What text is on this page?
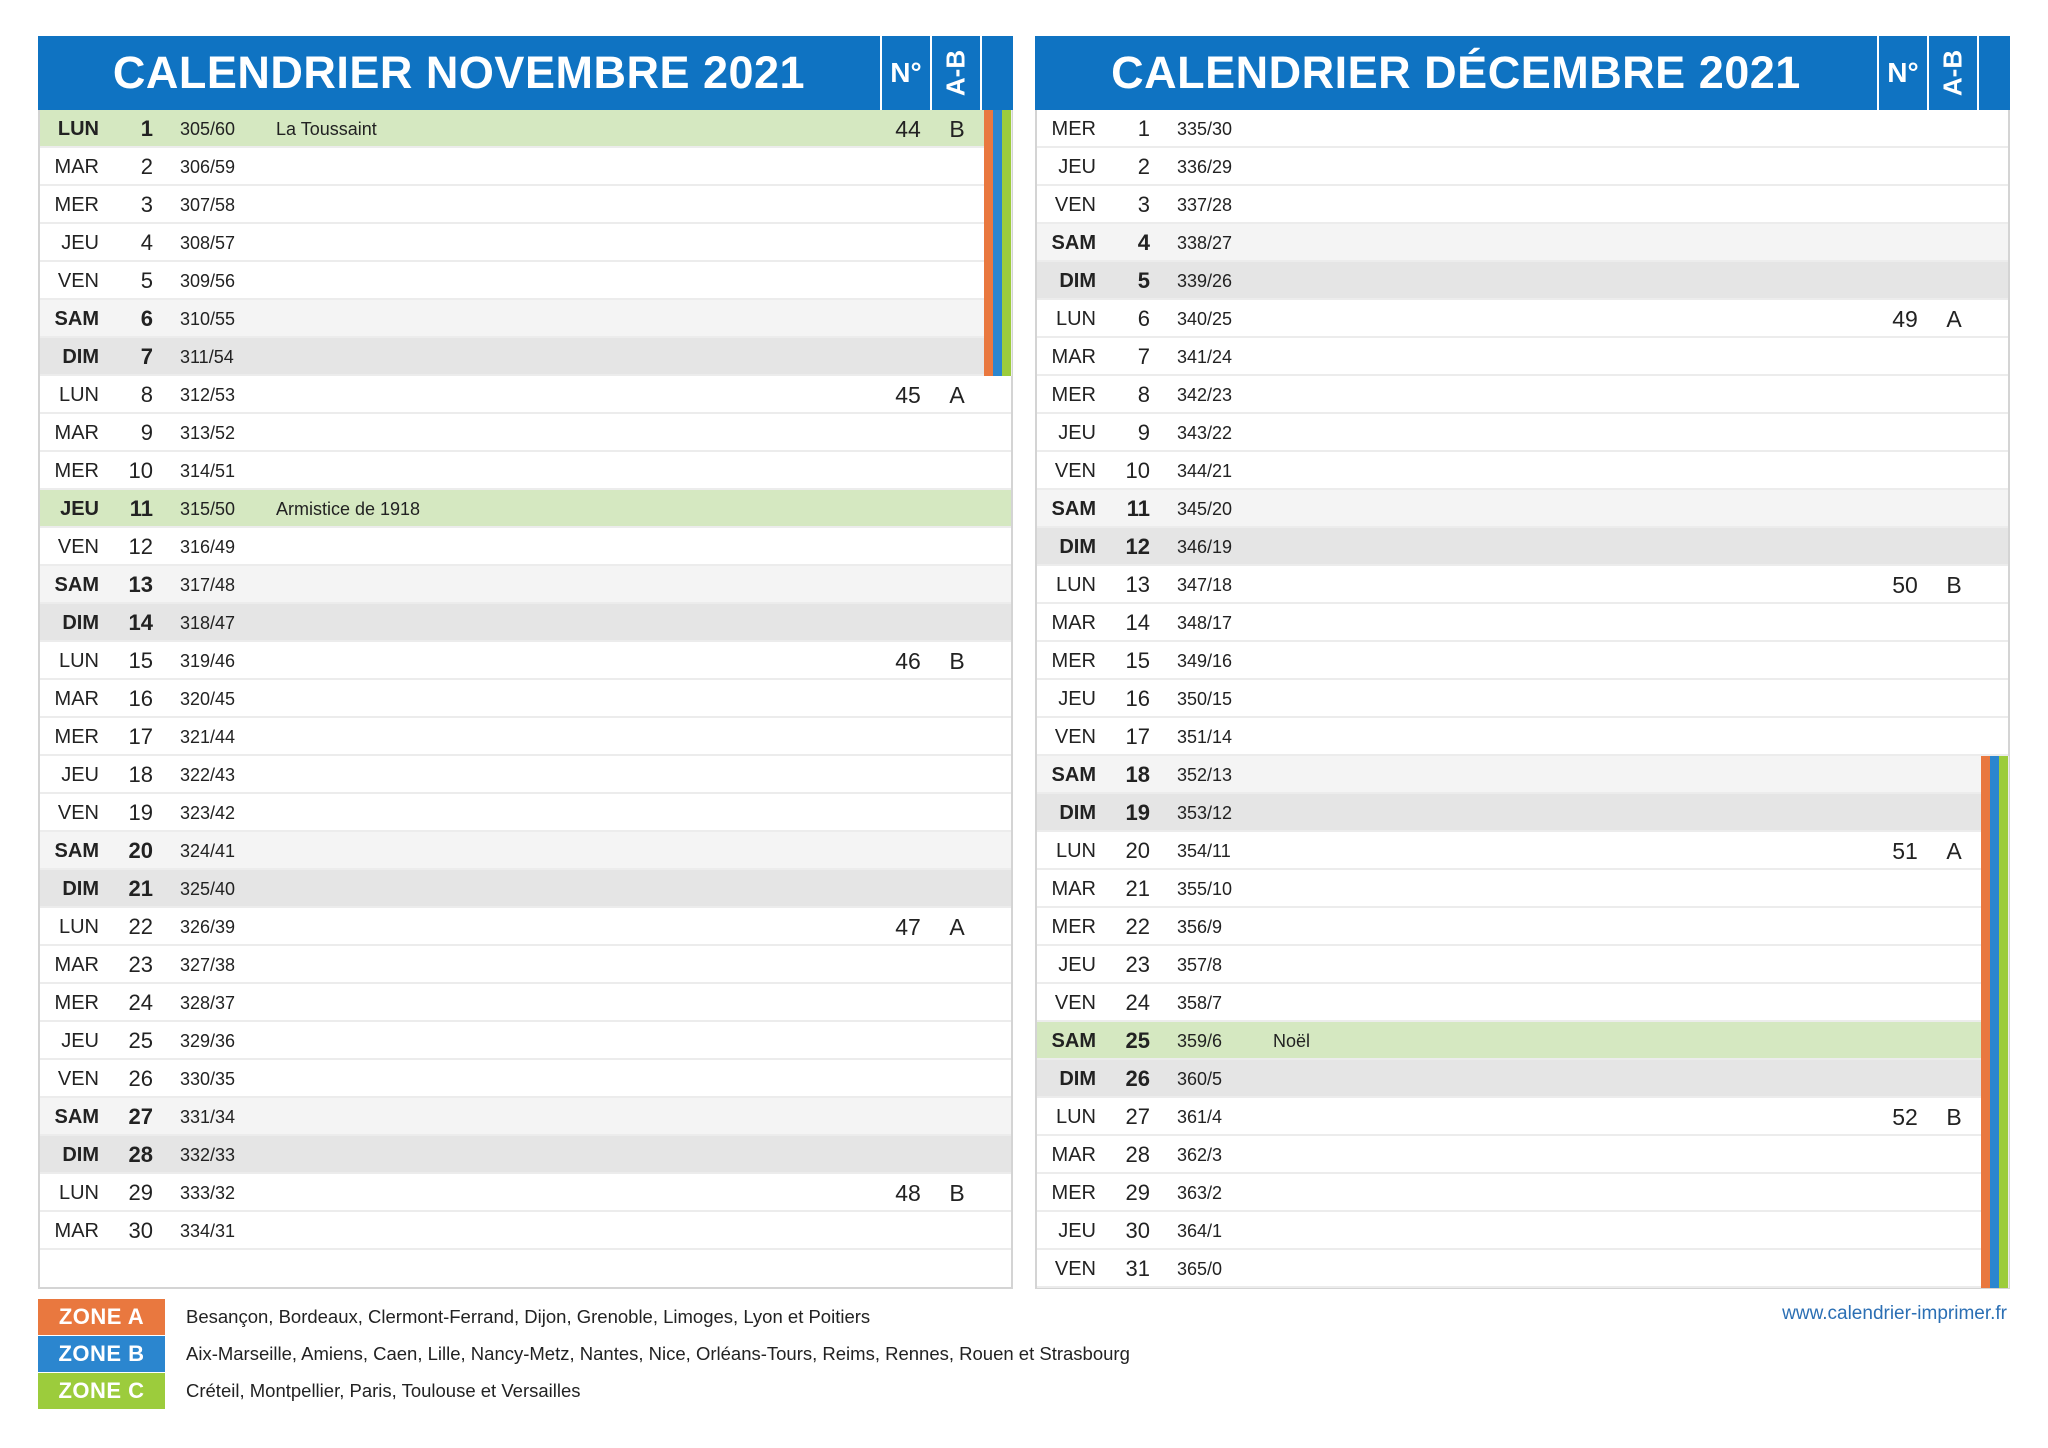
CALENDRIER NOVEMBRE 2021	N° A-B
LUN	1 305/60 La Toussaint	44	B
MAR	2 306/59
MER	3 307/58
JEU	4 308/57
VEN	5 309/56
SAM	6 310/55
DIM	7 311/54
LUN	8 312/53	45	A
MAR	9 313/52
MER	10 314/51
JEU	11 315/50 Armistice de 1918
VEN	12 316/49
SAM	13 317/48
DIM	14 318/47
LUN	15 319/46	46	B
MAR	16 320/45
MER	17 321/44
JEU	18 322/43
VEN	19 323/42
SAM	20 324/41
DIM	21 325/40
LUN	22 326/39	47	A
MAR	23 327/38
MER	24 328/37
JEU	25 329/36
VEN	26 330/35
SAM	27 331/34
DIM	28 332/33
LUN	29 333/32	48	B
MAR	30 334/31
CALENDRIER DÉCEMBRE 2021	N° A-B
MER	1 335/30
JEU	2 336/29
VEN	3 337/28
SAM	4 338/27
DIM	5 339/26
LUN	6 340/25	49	A
MAR	7 341/24
MER	8 342/23
JEU	9 343/22
VEN	10 344/21
SAM	11 345/20
DIM	12 346/19
LUN	13 347/18	50	B
MAR	14 348/17
MER	15 349/16
JEU	16 350/15
VEN	17 351/14
SAM	18 352/13
DIM	19 353/12
LUN	20 354/11	51	A
MAR	21 355/10
MER	22 356/9
JEU	23 357/8
VEN	24 358/7
SAM	25 359/6	Noël
DIM	26 360/5
LUN	27 361/4	52	B
MAR	28 362/3
MER	29 363/2
JEU	30 364/1
VEN	31 365/0
ZONE A	Besançon, Bordeaux, Clermont-Ferrand, Dijon, Grenoble, Limoges, Lyon et Poitiers
ZONE B	Aix-Marseille, Amiens, Caen, Lille, Nancy-Metz, Nantes, Nice, Orléans-Tours, Reims, Rennes, Rouen et Strasbourg
ZONE C	Créteil, Montpellier, Paris, Toulouse et Versailles
www.calendrier-imprimer.fr
